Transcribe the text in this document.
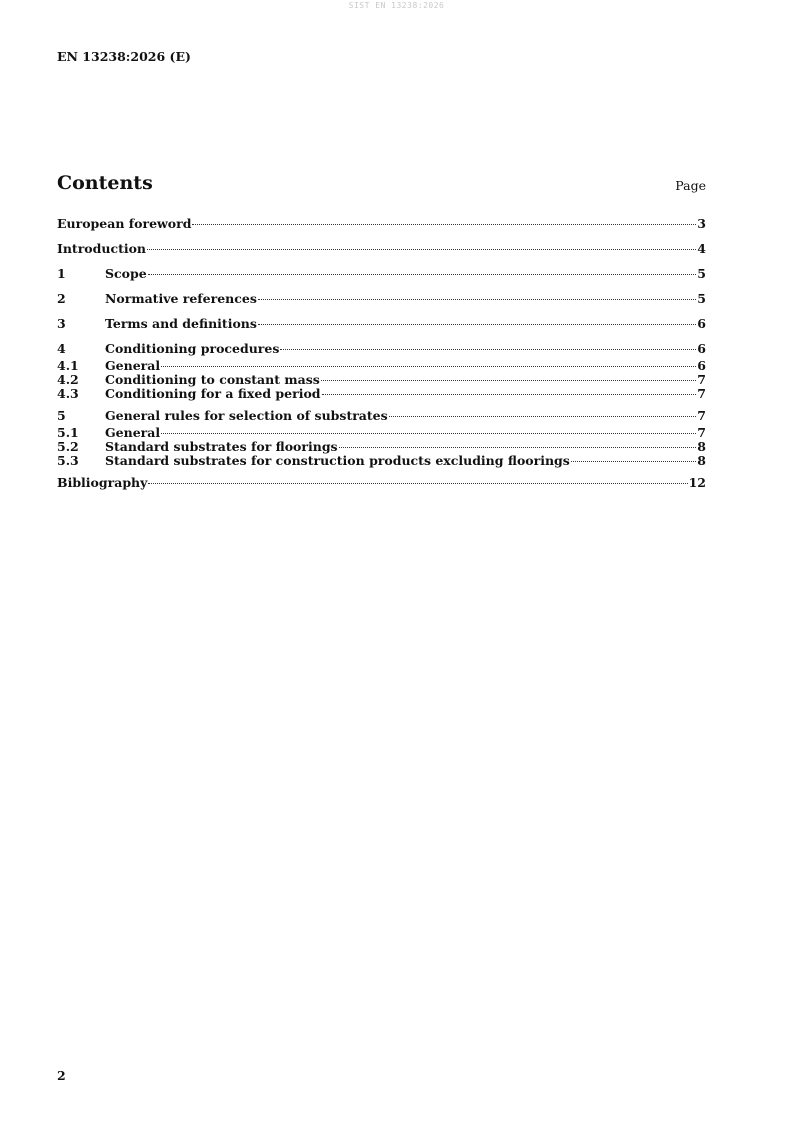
SIST EN 13238:2026
EN 13238:2026 (E)
Contents	Page
European foreword	3
Introduction	4
1	Scope	5
2	Normative references	5
3	Terms and definitions	6
4	Conditioning procedures	6
4.1	General	6
4.2	Conditioning to constant mass	7
4.3	Conditioning for a fixed period	7
5	General rules for selection of substrates	7
5.1	General	7
5.2	Standard substrates for floorings	8
5.3	Standard substrates for construction products excluding floorings	8
Bibliography	12
2
